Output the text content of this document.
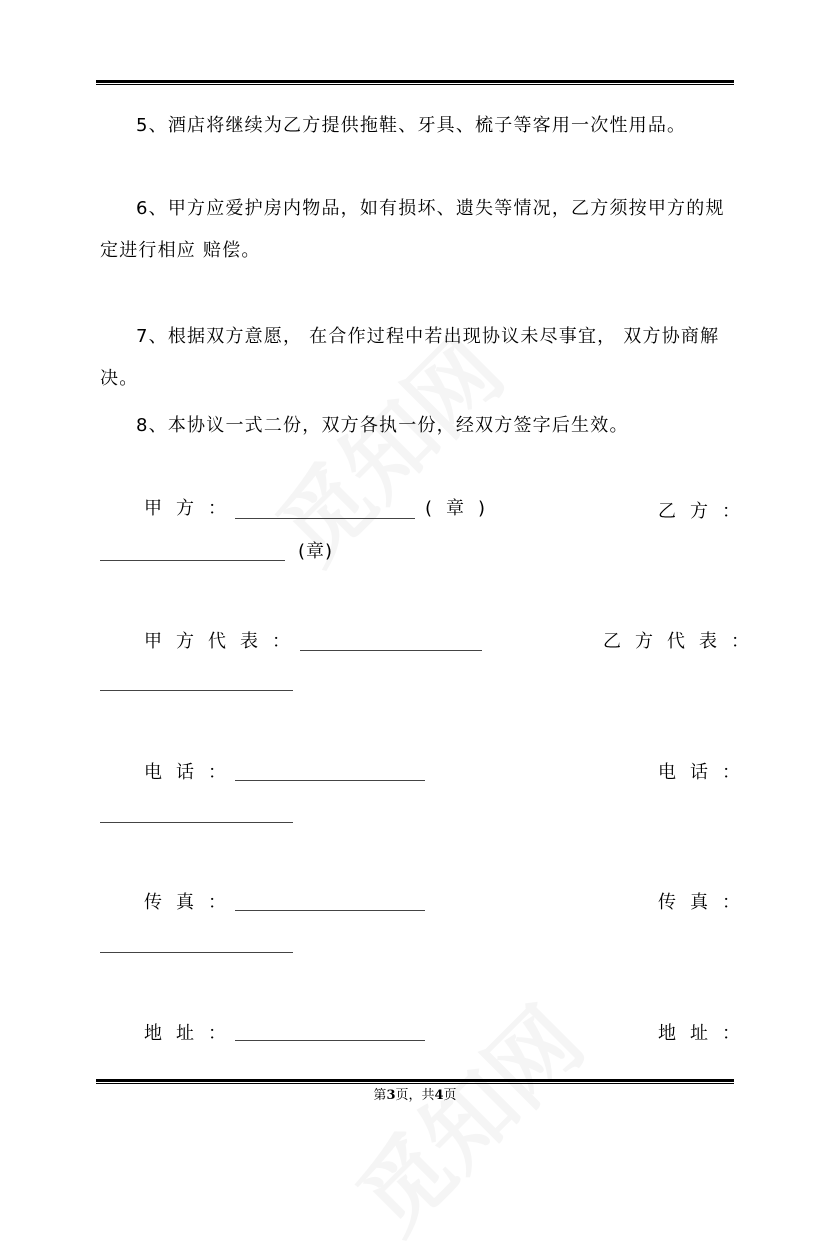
5、酒店将继续为乙方提供拖鞋、牙具、梳子等客用一次性用品。
6、甲方应爱护房内物品，如有损坏、遗失等情况，乙方须按甲方的规定进行相应 赔偿。
7、根据双方意愿， 在合作过程中若出现协议未尽事宜， 双方协商解决。
8、本协议一式二份，双方各执一份，经双方签字后生效。
甲方：	(章)	乙方：
(章)
甲方代表：	乙方代表：
电话：	电话：
传真：	传真：
地址：	地址：
第3页，共4页
